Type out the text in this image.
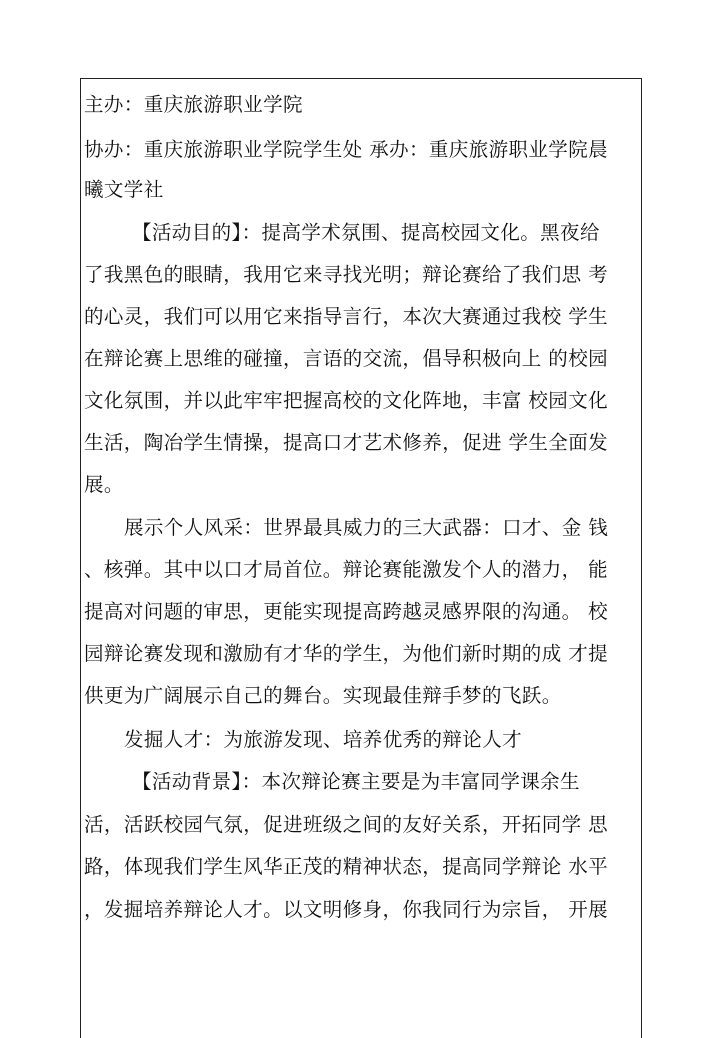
主办：重庆旅游职业学院
协办：重庆旅游职业学院学生处 承办：重庆旅游职业学院晨
曦文学社
【活动目的】：提高学术氛围、提高校园文化。黑夜给
了我黑色的眼睛，我用它来寻找光明；辩论赛给了我们思 考
的心灵，我们可以用它来指导言行，本次大赛通过我校 学生
在辩论赛上思维的碰撞，言语的交流，倡导积极向上 的校园
文化氛围，并以此牢牢把握高校的文化阵地，丰富 校园文化
生活，陶冶学生情操，提高口才艺术修养，促进 学生全面发
展。
展示个人风采：世界最具威力的三大武器：口才、金 钱
、核弹。其中以口才局首位。辩论赛能激发个人的潜力， 能
提高对问题的审思，更能实现提高跨越灵感界限的沟通。 校
园辩论赛发现和激励有才华的学生，为他们新时期的成 才提
供更为广阔展示自己的舞台。实现最佳辩手梦的飞跃。
发掘人才：为旅游发现、培养优秀的辩论人才
【活动背景】：本次辩论赛主要是为丰富同学课余生
活，活跃校园气氛，促进班级之间的友好关系，开拓同学 思
路，体现我们学生风华正茂的精神状态，提高同学辩论 水平
，发掘培养辩论人才。以文明修身，你我同行为宗旨， 开展
